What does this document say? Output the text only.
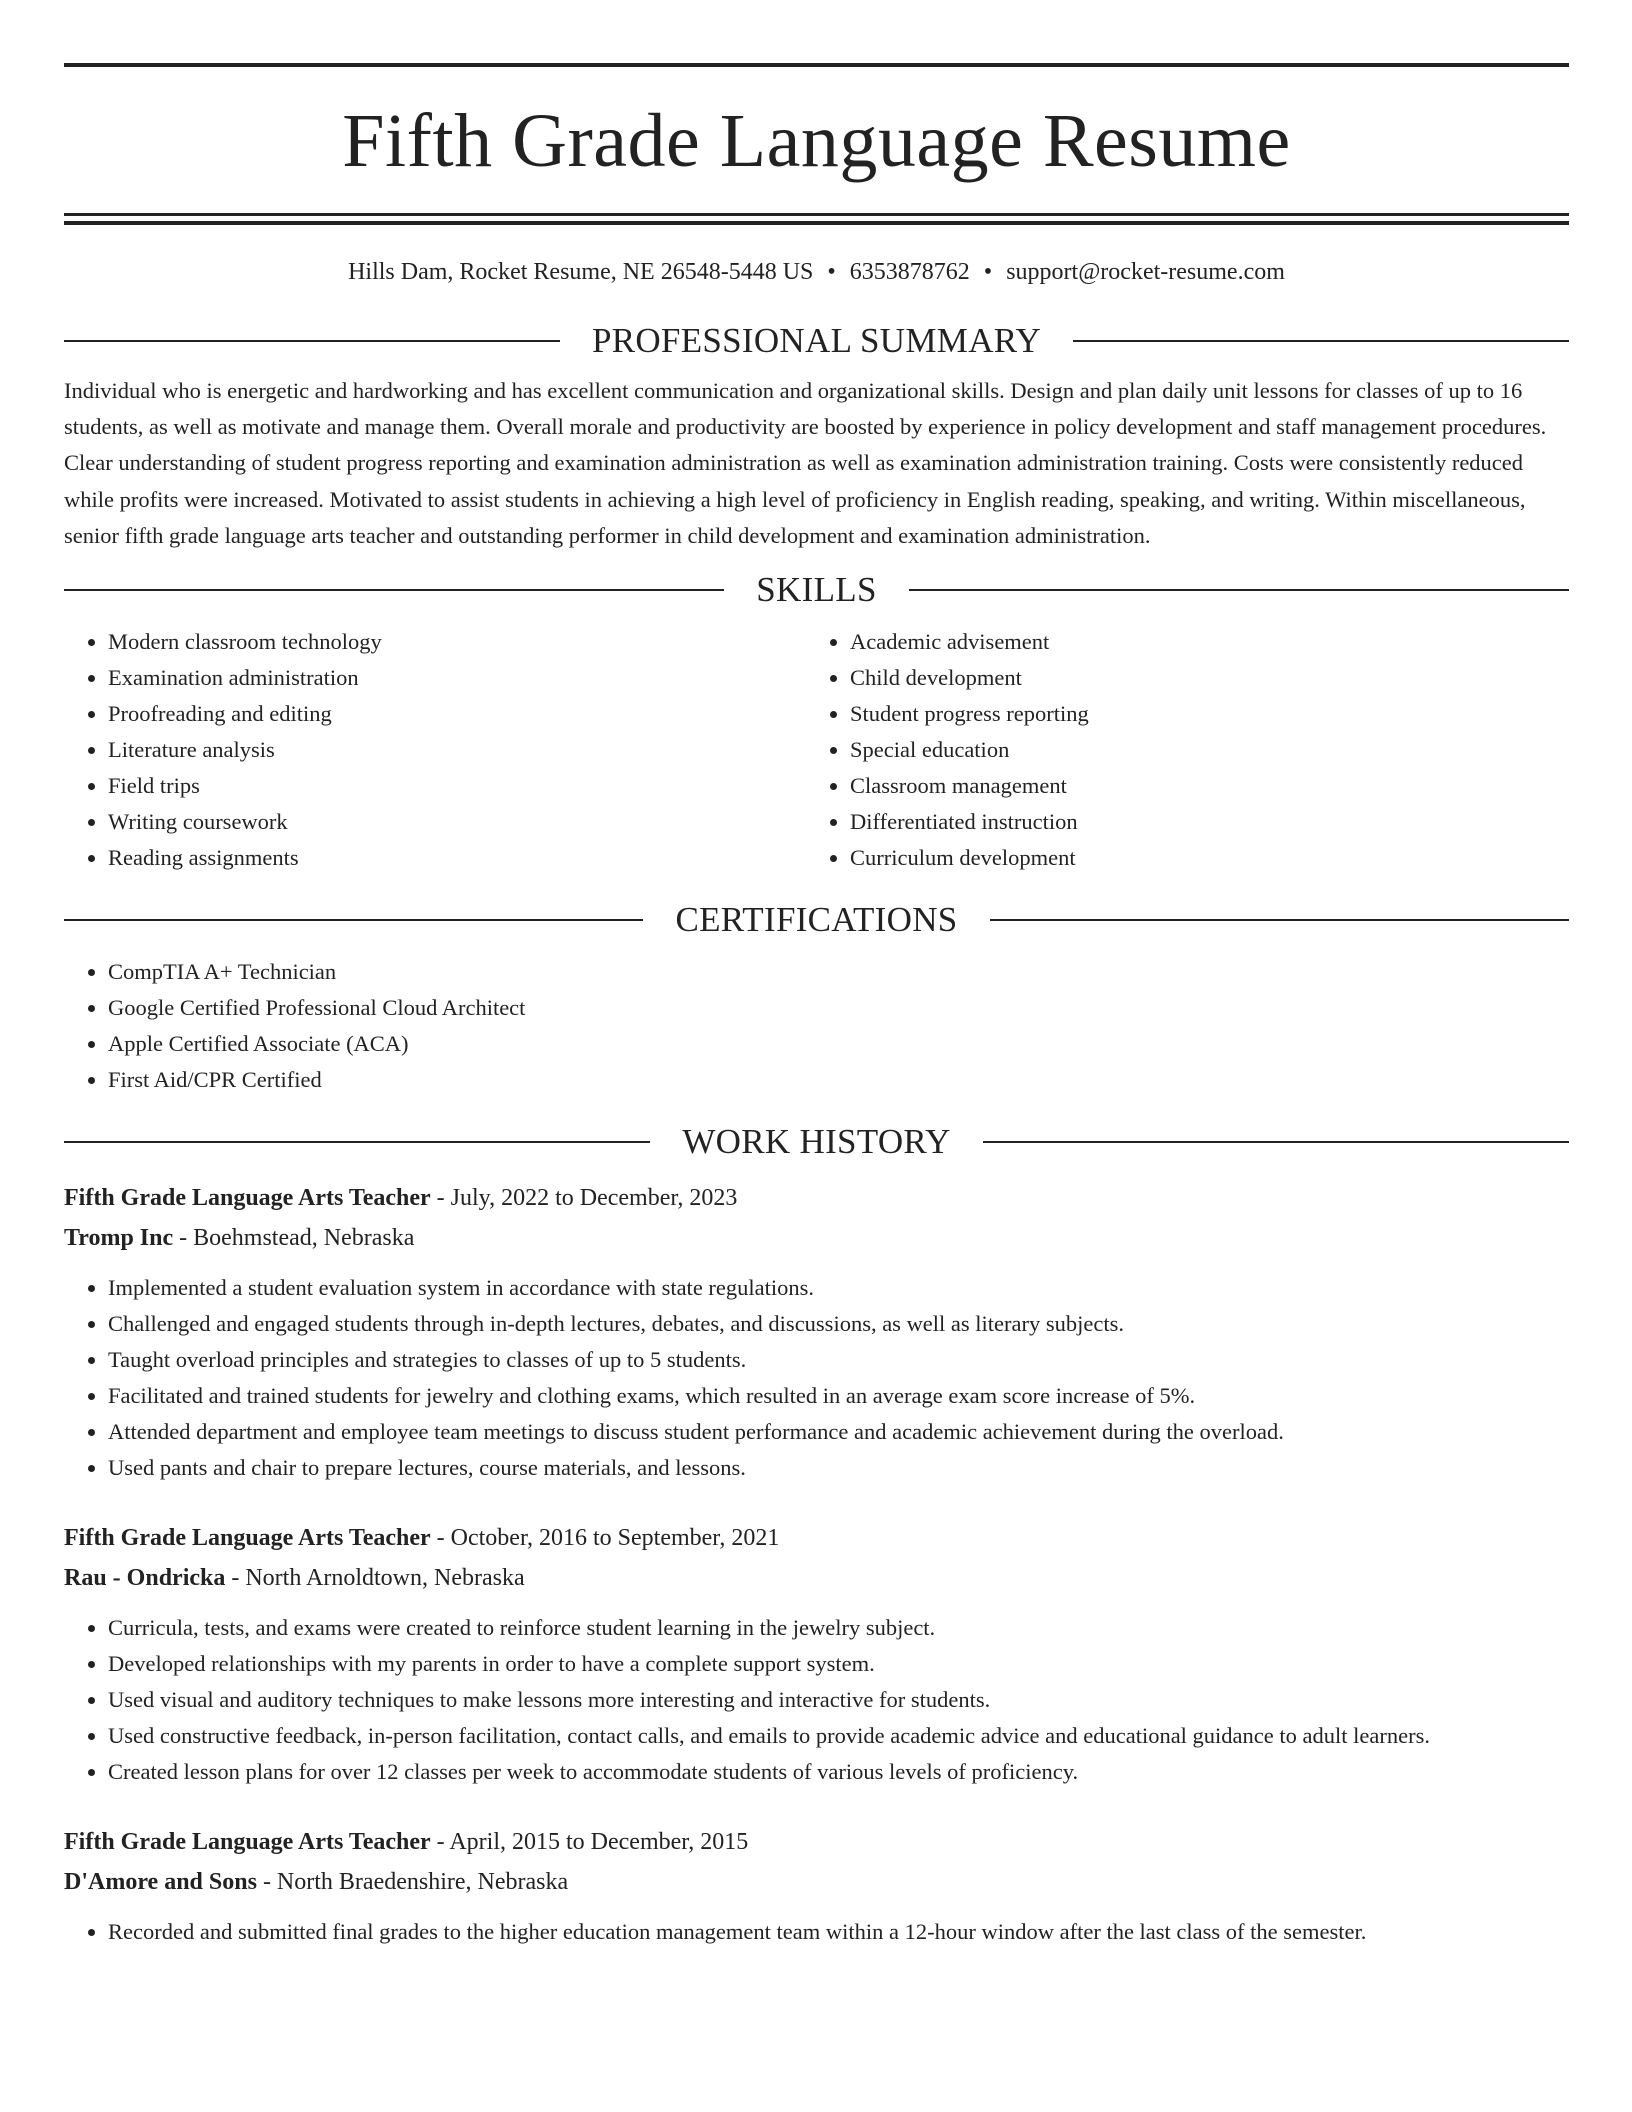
Fifth Grade Language Resume
Hills Dam, Rocket Resume, NE 26548-5448 US • 6353878762 • support@rocket-resume.com
PROFESSIONAL SUMMARY
Individual who is energetic and hardworking and has excellent communication and organizational skills. Design and plan daily unit lessons for classes of up to 16 students, as well as motivate and manage them. Overall morale and productivity are boosted by experience in policy development and staff management procedures. Clear understanding of student progress reporting and examination administration as well as examination administration training. Costs were consistently reduced while profits were increased. Motivated to assist students in achieving a high level of proficiency in English reading, speaking, and writing. Within miscellaneous, senior fifth grade language arts teacher and outstanding performer in child development and examination administration.
SKILLS
• Modern classroom technology
• Examination administration
• Proofreading and editing
• Literature analysis
• Field trips
• Writing coursework
• Reading assignments
• Academic advisement
• Child development
• Student progress reporting
• Special education
• Classroom management
• Differentiated instruction
• Curriculum development
CERTIFICATIONS
• CompTIA A+ Technician
• Google Certified Professional Cloud Architect
• Apple Certified Associate (ACA)
• First Aid/CPR Certified
WORK HISTORY
Fifth Grade Language Arts Teacher - July, 2022 to December, 2023
Tromp Inc - Boehmstead, Nebraska
• Implemented a student evaluation system in accordance with state regulations.
• Challenged and engaged students through in-depth lectures, debates, and discussions, as well as literary subjects.
• Taught overload principles and strategies to classes of up to 5 students.
• Facilitated and trained students for jewelry and clothing exams, which resulted in an average exam score increase of 5%.
• Attended department and employee team meetings to discuss student performance and academic achievement during the overload.
• Used pants and chair to prepare lectures, course materials, and lessons.
Fifth Grade Language Arts Teacher - October, 2016 to September, 2021
Rau - Ondricka - North Arnoldtown, Nebraska
• Curricula, tests, and exams were created to reinforce student learning in the jewelry subject.
• Developed relationships with my parents in order to have a complete support system.
• Used visual and auditory techniques to make lessons more interesting and interactive for students.
• Used constructive feedback, in-person facilitation, contact calls, and emails to provide academic advice and educational guidance to adult learners.
• Created lesson plans for over 12 classes per week to accommodate students of various levels of proficiency.
Fifth Grade Language Arts Teacher - April, 2015 to December, 2015
D'Amore and Sons - North Braedenshire, Nebraska
• Recorded and submitted final grades to the higher education management team within a 12-hour window after the last class of the semester.
